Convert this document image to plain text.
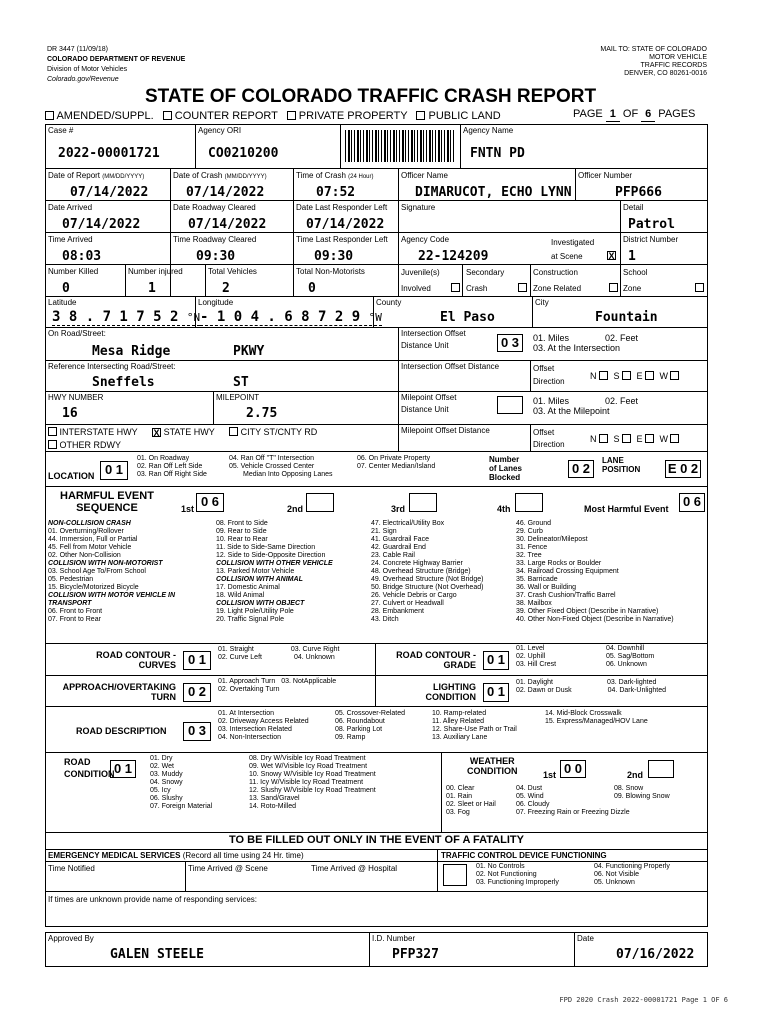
DR 3447 (11/09/18)
COLORADO DEPARTMENT OF REVENUE
Division of Motor Vehicles
Colorado.gov/Revenue
MAIL TO: STATE OF COLORADO
MOTOR VEHICLE
TRAFFIC RECORDS
DENVER, CO 80261-0016
STATE OF COLORADO TRAFFIC CRASH REPORT
AMENDED/SUPPL. COUNTER REPORT PRIVATE PROPERTY PUBLIC LAND	PAGE 1 OF 6 PAGES
Case #
2022-00001721
Agency ORI
CO0210200
Agency Name
FNTN PD
Date of Report (MM/DD/YYYY)
07/14/2022
Date of Crash (MM/DD/YYYY)
07/14/2022
Time of Crash (24 Hour)
07:52
Officer Name
DIMARUCOT, ECHO LYNN
Officer Number
PFP666
Date Arrived
07/14/2022
Date Roadway Cleared
07/14/2022
Date Last Responder Left
07/14/2022
Signature	Detail
Patrol
Time Arrived
08:03
Time Roadway Cleared
09:30
Time Last Responder Left
09:30
Agency Code
22-124209
Investigated
at Scene	X
District Number
1
Number Killed
0
Number injured
1
Total Vehicles
2
Total Non-Motorists
0
Juvenile(s)
Involved
Secondary
Crash
Construction
Zone Related
School
Zone
Latitude
3 8 . 7 1 7 5 2 °N
Longitude
- 1 0 4 . 6 8 7 2 9 °W
County
El Paso
City
Fountain
On Road/Street:
Mesa Ridge	PKWY
Intersection Offset
Distance Unit	0 3	01. Miles	02. Feet
03. At the Intersection
Reference Intersecting Road/Street:
Sneffels	ST
Intersection Offset Distance	Offset
Direction
N S E W
HWY NUMBER
16
MILEPOINT
2.75
Milepoint Offset
Distance Unit
01. Miles	02. Feet
03. At the Milepoint
INTERSTATE HWY X STATE HWY	CITY ST/CNTY RD
OTHER RDWY
Milepoint Offset Distance	Offset
Direction
N S E W
LOCATION 0 1
01. On Roadway
02. Ran Off Left Side
03. Ran Off Right Side
04. Ran Off "T" Intersection
05. Vehicle Crossed Center
Median Into Opposing Lanes
06. On Private Property
07. Center Median/Island
Number
of Lanes
Blocked
0 2
LANE
POSITION E 0 2
HARMFUL EVENT
SEQUENCE	1st 0 6	2nd	3rd	4th	Most Harmful Event	0 6
NON-COLLISION CRASH
01. Overturning/Rollover
44. Immersion, Full or Partial
45. Fell from Motor Vehicle
02. Other Non-Collision
COLLISION WITH NON-MOTORIST
03. School Age To/From School
05. Pedestrian
15. Bicycle/Motorized Bicycle
COLLISION WITH MOTOR VEHICLE IN
TRANSPORT
06. Front to Front
07. Front to Rear
08. Front to Side
09. Rear to Side
10. Rear to Rear
11. Side to Side-Same Direction
12. Side to Side-Opposite Direction
COLLISION WITH OTHER VEHICLE
13. Parked Motor Vehicle
COLLISION WITH ANIMAL
17. Domestic Animal
18. Wild Animal
COLLISION WITH OBJECT
19. Light Pole/Utility Pole
20. Traffic Signal Pole
47. Electrical/Utility Box
21. Sign
41. Guardrail Face
42. Guardrail End
23. Cable Rail
24. Concrete Highway Barrier
48. Overhead Structure (Bridge)
49. Overhead Structure (Not Bridge)
50. Bridge Structure (Not Overhead)
26. Vehicle Debris or Cargo
27. Culvert or Headwall
28. Embankment
43. Ditch
46. Ground
29. Curb
30. Delineator/Milepost
31. Fence
32. Tree
33. Large Rocks or Boulder
34. Railroad Crossing Equipment
35. Barricade
36. Wall or Building
37. Crash Cushion/Traffic Barrel
38. Mailbox
39. Other Fixed Object (Describe in Narrative)
40. Other Non-Fixed Object (Describe in Narrative)
ROAD CONTOUR -
CURVES 0 1
01. Straight	03. Curve Right
02. Curve Left	04. Unknown	ROAD CONTOUR -
GRADE 0 1
01. Level
02. Uphill
03. Hill Crest
04. Downhill
05. Sag/Bottom
06. Unknown
APPROACH/OVERTAKING
TURN 0 2
01. Approach Turn 03. NotApplicable
02. Overtaking Turn	LIGHTING
CONDITION 0 1
01. Daylight	03. Dark-lighted
02. Dawn or Dusk	04. Dark-Unlighted
ROAD DESCRIPTION	0 3
01. At Intersection
02. Driveway Access Related
03. Intersection Related
04. Non-Intersection
05. Crossover-Related
06. Roundabout
08. Parking Lot
09. Ramp
10. Ramp-related
11. Alley Related
12. Share-Use Path or Trail
13. Auxiliary Lane
14. Mid-Block Crosswalk
15. Express/Managed/HOV Lane
ROAD
CONDITION 0 1
01. Dry
02. Wet
03. Muddy
04. Snowy
05. Icy
06. Slushy
07. Foreign Material
08. Dry W/Visible Icy Road Treatment
09. Wet W/Visible Icy Road Treatment
10. Snowy W/Visible Icy Road Treatment
11. Icy W/Visible Icy Road Treatment
12. Slushy W/Visible Icy Road Treatment
13. Sand/Gravel
14. Roto-Milled
WEATHER
CONDITION	1st 0 0	2nd
00. Clear
01. Rain
02. Sleet or Hail
03. Fog
04. Dust
05. Wind
06. Cloudy
07. Freezing Rain or Freezing Dizzle
08. Snow
09. Blowing Snow
TO BE FILLED OUT ONLY IN THE EVENT OF A FATALITY
EMERGENCY MEDICAL SERVICES (Record all time using 24 Hr. time)	TRAFFIC CONTROL DEVICE FUNCTIONING
Time Notified	Time Arrived @ Scene	Time Arrived @ Hospital	01. No Controls
02. Not Functioning
03. Functioning Improperly
04. Functioning Properly
06. Not Visible
05. Unknown
If times are unknown provide name of responding services:
Approved By
GALEN STEELE
I.D. Number
PFP327
Date
07/16/2022
FPD 2020 Crash 2022-00001721 Page 1 OF 6
